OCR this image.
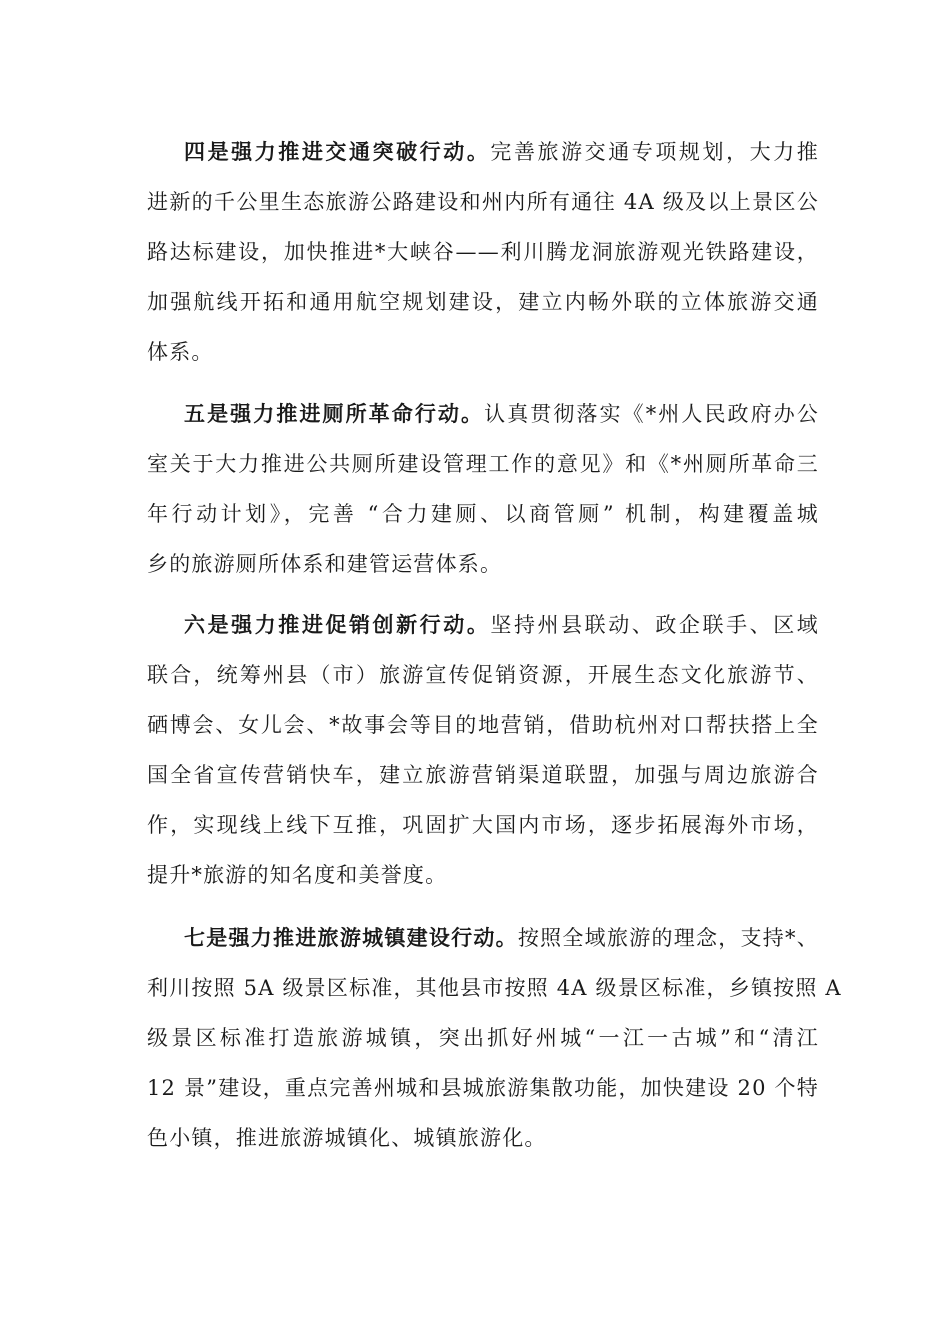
四是强力推进交通突破行动。完善旅游交通专项规划，大力推
进新的千公里生态旅游公路建设和州内所有通往 4A 级及以上景区公
路达标建设，加快推进*大峡谷——利川腾龙洞旅游观光铁路建设，
加强航线开拓和通用航空规划建设，建立内畅外联的立体旅游交通
体系。
五是强力推进厕所革命行动。认真贯彻落实《*州人民政府办公
室关于大力推进公共厕所建设管理工作的意见》和《*州厕所革命三
年行动计划》，完善 “合力建厕、以商管厕” 机制，构建覆盖城
乡的旅游厕所体系和建管运营体系。
六是强力推进促销创新行动。坚持州县联动、政企联手、区域
联合，统筹州县（市）旅游宣传促销资源，开展生态文化旅游节、
硒博会、女儿会、*故事会等目的地营销，借助杭州对口帮扶搭上全
国全省宣传营销快车，建立旅游营销渠道联盟，加强与周边旅游合
作，实现线上线下互推，巩固扩大国内市场，逐步拓展海外市场，
提升*旅游的知名度和美誉度。
七是强力推进旅游城镇建设行动。按照全域旅游的理念，支持*、
利川按照 5A 级景区标准，其他县市按照 4A 级景区标准，乡镇按照 A
级景区标准打造旅游城镇，突出抓好州城“一江一古城”和“清江
12 景”建设，重点完善州城和县城旅游集散功能，加快建设 20 个特
色小镇，推进旅游城镇化、城镇旅游化。
